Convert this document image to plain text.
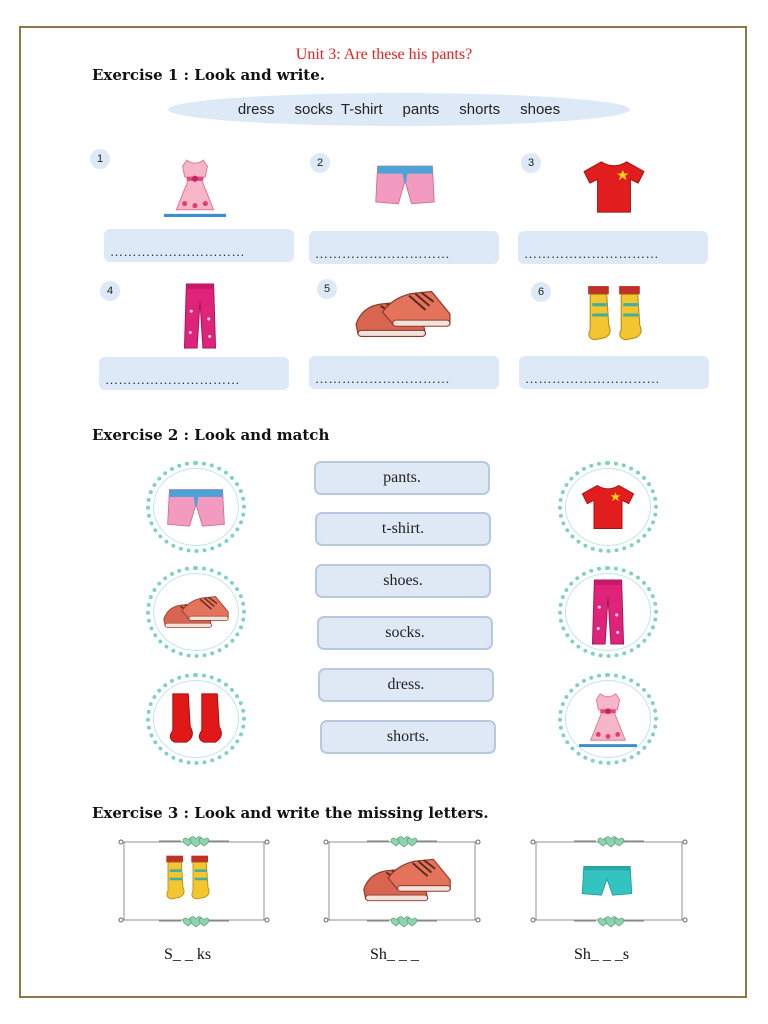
Unit 3: Are these his pants?
Exercise 1 : Look and write.
dress socks T-shirt pants shorts shoes
1
…………………………
2
…………………………
3
…………………………
4
…………………………
5
…………………………
6
…………………………
Exercise 2 : Look and match
pants.
t-shirt.
shoes.
socks.
dress.
shorts.
Exercise 3 : Look and write the missing letters.
S_ _ ks	Sh_ _ _	Sh_ _ _s
